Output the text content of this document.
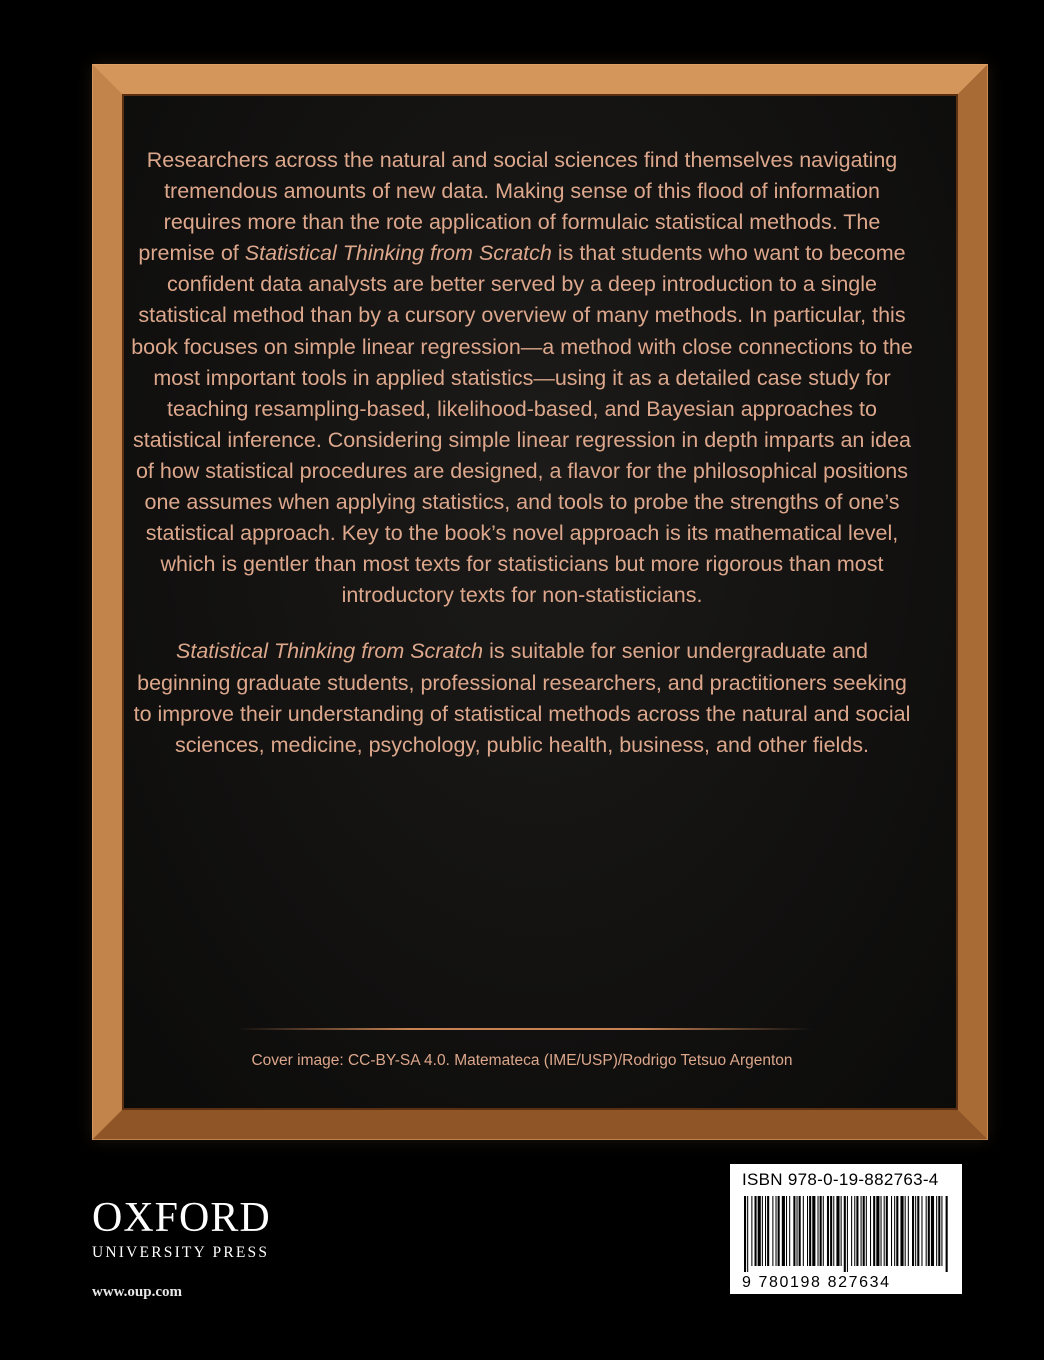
Researchers across the natural and social sciences find themselves navigating tremendous amounts of new data. Making sense of this flood of information requires more than the rote application of formulaic statistical methods. The premise of Statistical Thinking from Scratch is that students who want to become confident data analysts are better served by a deep introduction to a single statistical method than by a cursory overview of many methods. In particular, this book focuses on simple linear regression—a method with close connections to the most important tools in applied statistics—using it as a detailed case study for teaching resampling-based, likelihood-based, and Bayesian approaches to statistical inference. Considering simple linear regression in depth imparts an idea of how statistical procedures are designed, a flavor for the philosophical positions one assumes when applying statistics, and tools to probe the strengths of one’s statistical approach. Key to the book’s novel approach is its mathematical level, which is gentler than most texts for statisticians but more rigorous than most introductory texts for non-statisticians.

Statistical Thinking from Scratch is suitable for senior undergraduate and beginning graduate students, professional researchers, and practitioners seeking to improve their understanding of statistical methods across the natural and social sciences, medicine, psychology, public health, business, and other fields.

Cover image: CC-BY-SA 4.0. Matemateca (IME/USP)/Rodrigo Tetsuo Argenton
OXFORD
UNIVERSITY PRESS
www.oup.com
ISBN 978-0-19-882763-4
9 780198 827634
